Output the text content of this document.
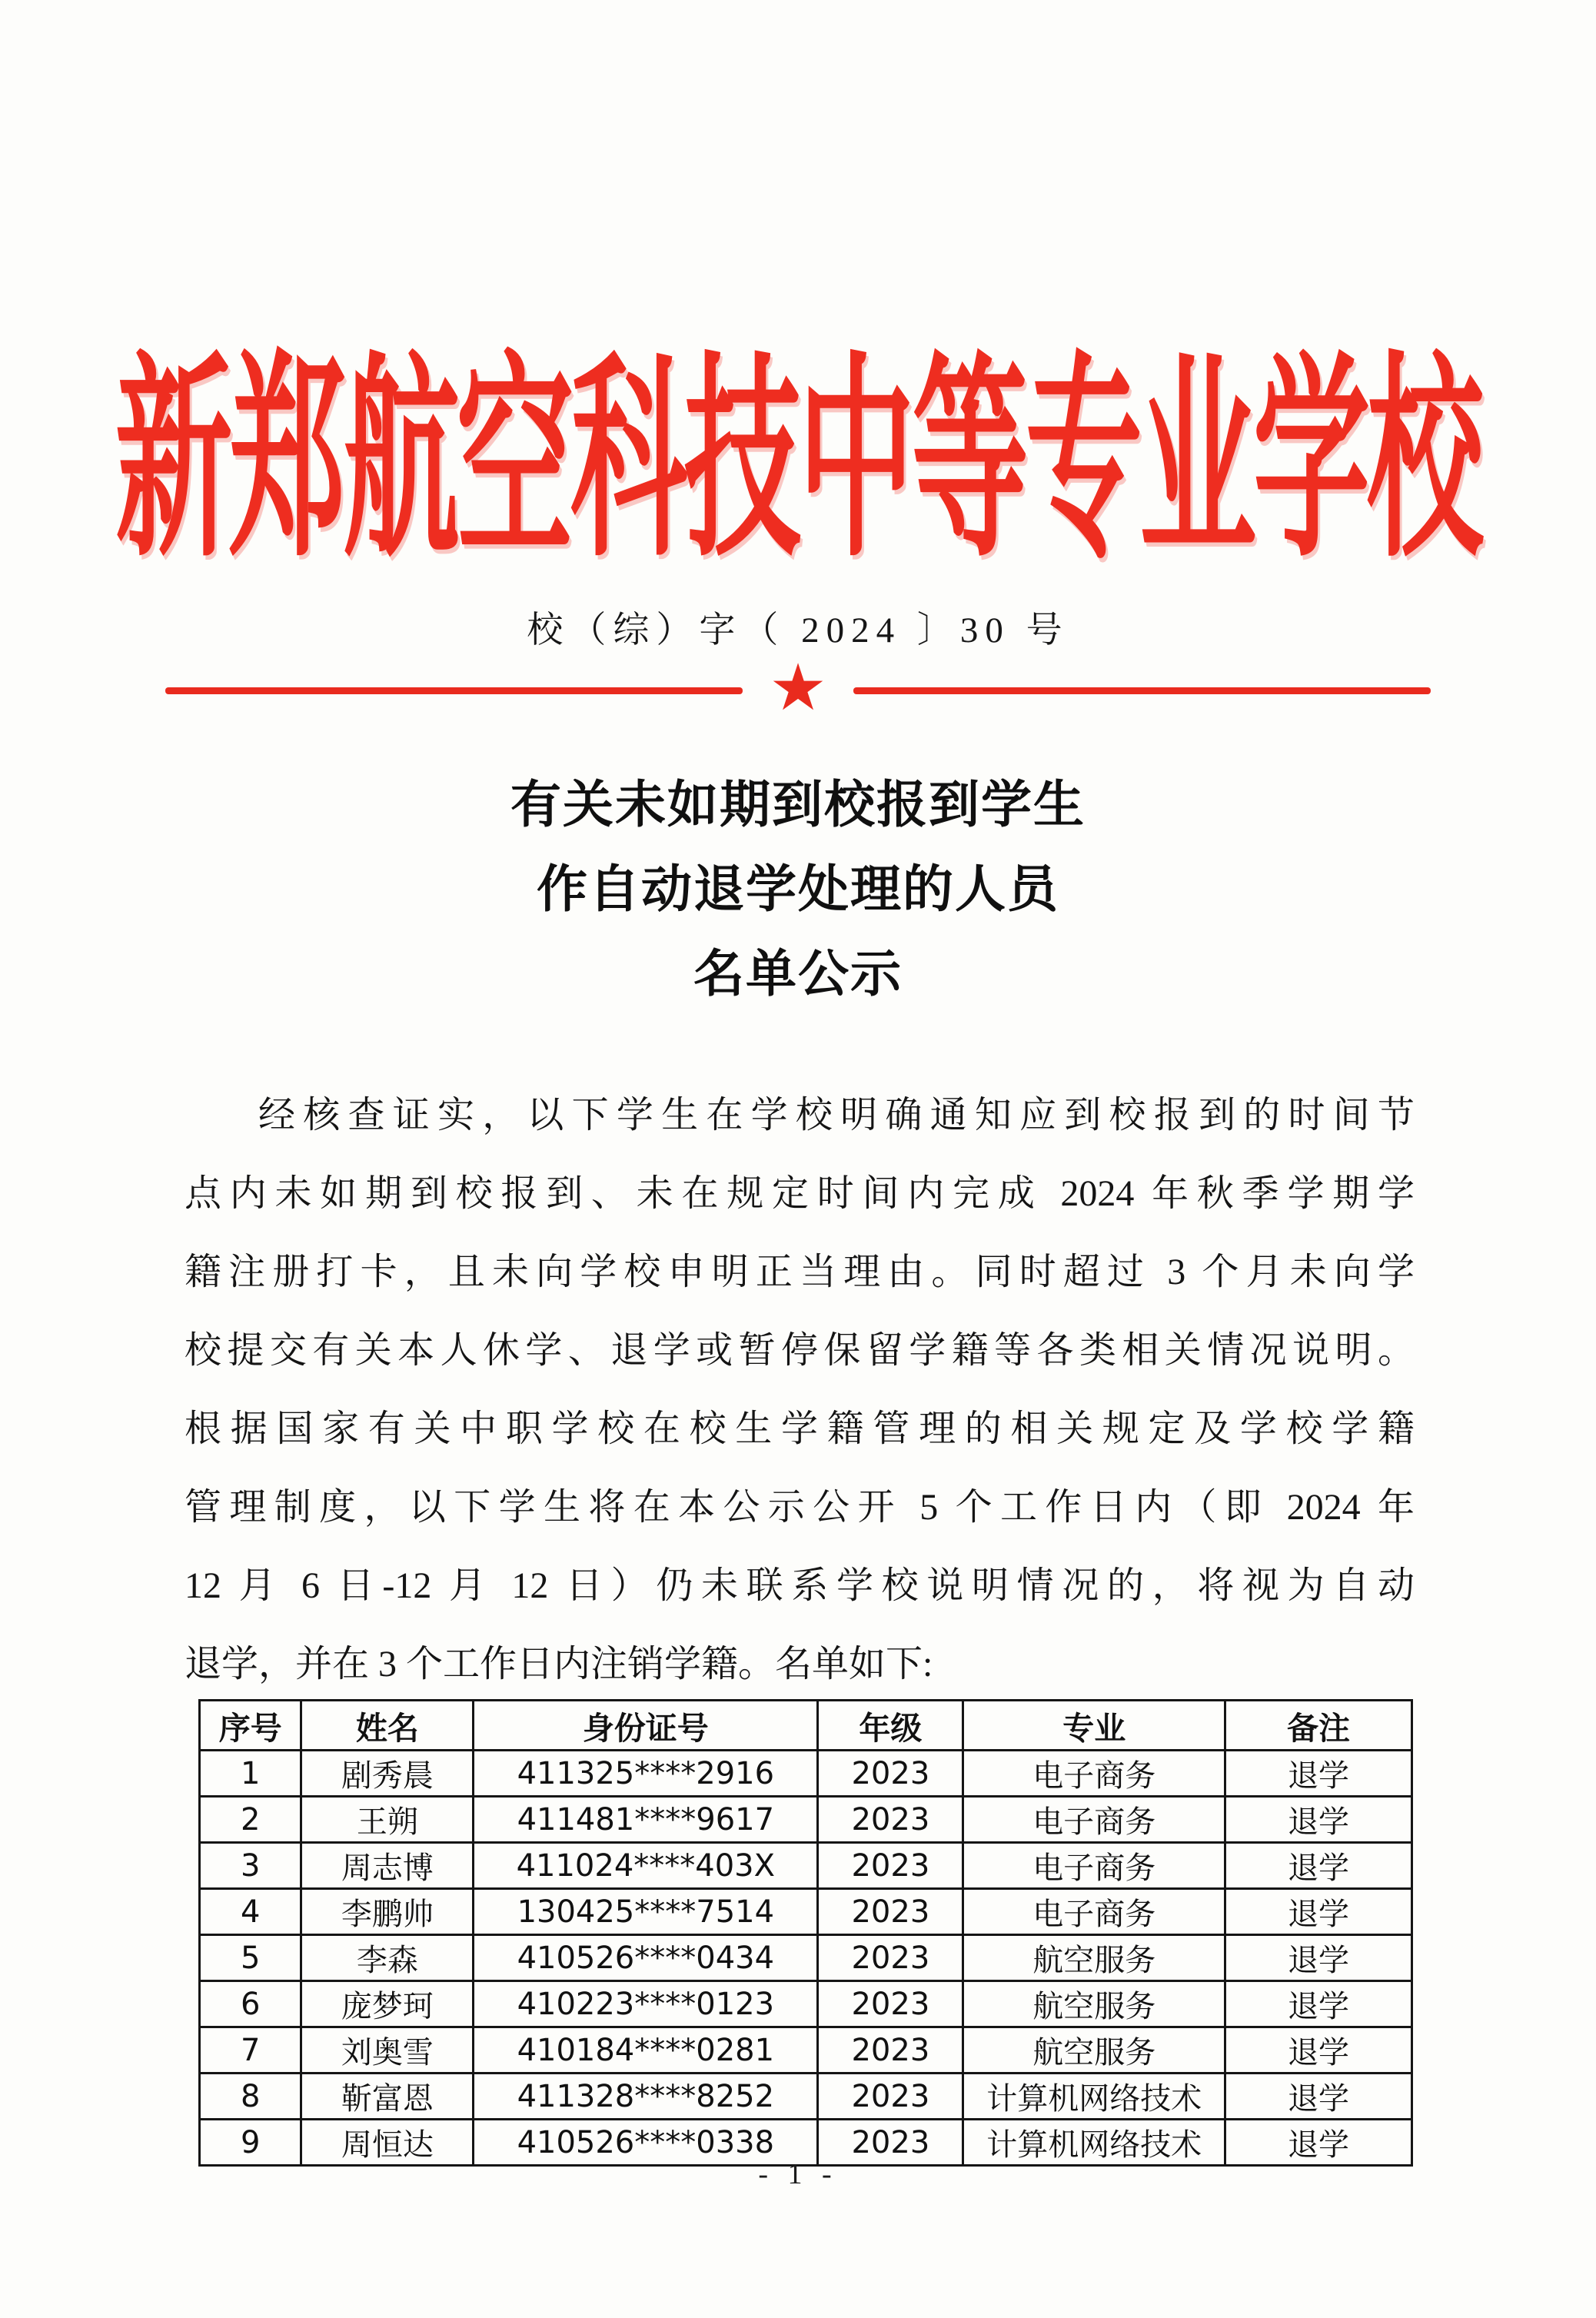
新郑航空科技中等专业学校
校（综）字（ 2024 〕30 号
★
有关未如期到校报到学生
作自动退学处理的人员
名单公示
经核查证实，以下学生在学校明确通知应到校报到的时间节
点内未如期到校报到、未在规定时间内完成 2024 年秋季学期学
籍注册打卡，且未向学校申明正当理由。同时超过 3 个月未向学
校提交有关本人休学、退学或暂停保留学籍等各类相关情况说明。
根据国家有关中职学校在校生学籍管理的相关规定及学校学籍
管理制度，以下学生将在本公示公开 5 个工作日内（即 2024 年
12 月 6 日-12 月 12 日）仍未联系学校说明情况的，将视为自动
退学，并在 3 个工作日内注销学籍。名单如下:
序号	姓名	身份证号	年级	专业	备注
1	剧秀晨	411325****2916	2023	电子商务	退学
2	王朔	411481****9617	2023	电子商务	退学
3	周志博	411024****403X	2023	电子商务	退学
4	李鹏帅	130425****7514	2023	电子商务	退学
5	李森	410526****0434	2023	航空服务	退学
6	庞梦珂	410223****0123	2023	航空服务	退学
7	刘奥雪	410184****0281	2023	航空服务	退学
8	靳富恩	411328****8252	2023	计算机网络技术	退学
9	周恒达	410526****0338	2023	计算机网络技术	退学
- 1 -
